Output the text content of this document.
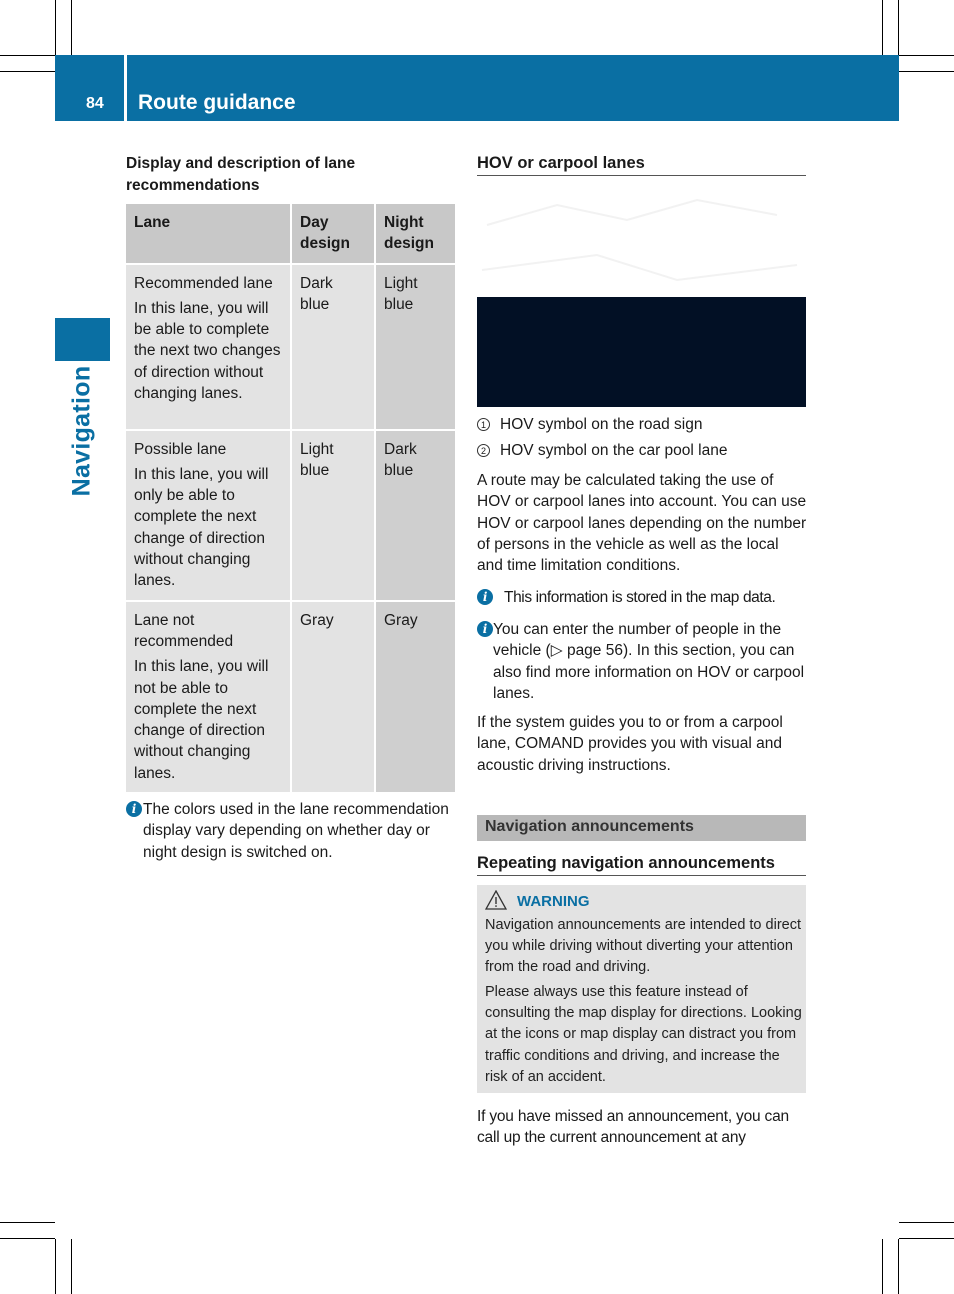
84 Route guidance
Navigation
Display and description of lane recommendations
Lane	Day design	Night design

Recommended lane
In this lane, you will be able to complete the next two changes of direction without changing lanes.	Dark blue	Light blue

Possible lane
In this lane, you will only be able to complete the next change of direction without changing lanes.	Light blue	Dark blue

Lane not recommended
In this lane, you will not be able to complete the next change of direction without changing lanes.	Gray	Gray
i The colors used in the lane recommendation display vary depending on whether day or night design is switched on.
HOV or carpool lanes
1 HOV symbol on the road sign
2 HOV symbol on the car pool lane
A route may be calculated taking the use of HOV or carpool lanes into account. You can use HOV or carpool lanes depending on the number of persons in the vehicle as well as the local and time limitation conditions.
i	This information is stored in the map data.
i You can enter the number of people in the vehicle (▷ page 56). In this section, you can also find more information on HOV or carpool lanes.
If the system guides you to or from a carpool lane, COMAND provides you with visual and acoustic driving instructions.
Navigation announcements
Repeating navigation announcements
WARNING
Navigation announcements are intended to direct you while driving without diverting your attention from the road and driving.
Please always use this feature instead of consulting the map display for directions. Looking at the icons or map display can distract you from traffic conditions and driving, and increase the risk of an accident.
If you have missed an announcement, you can call up the current announcement at any
